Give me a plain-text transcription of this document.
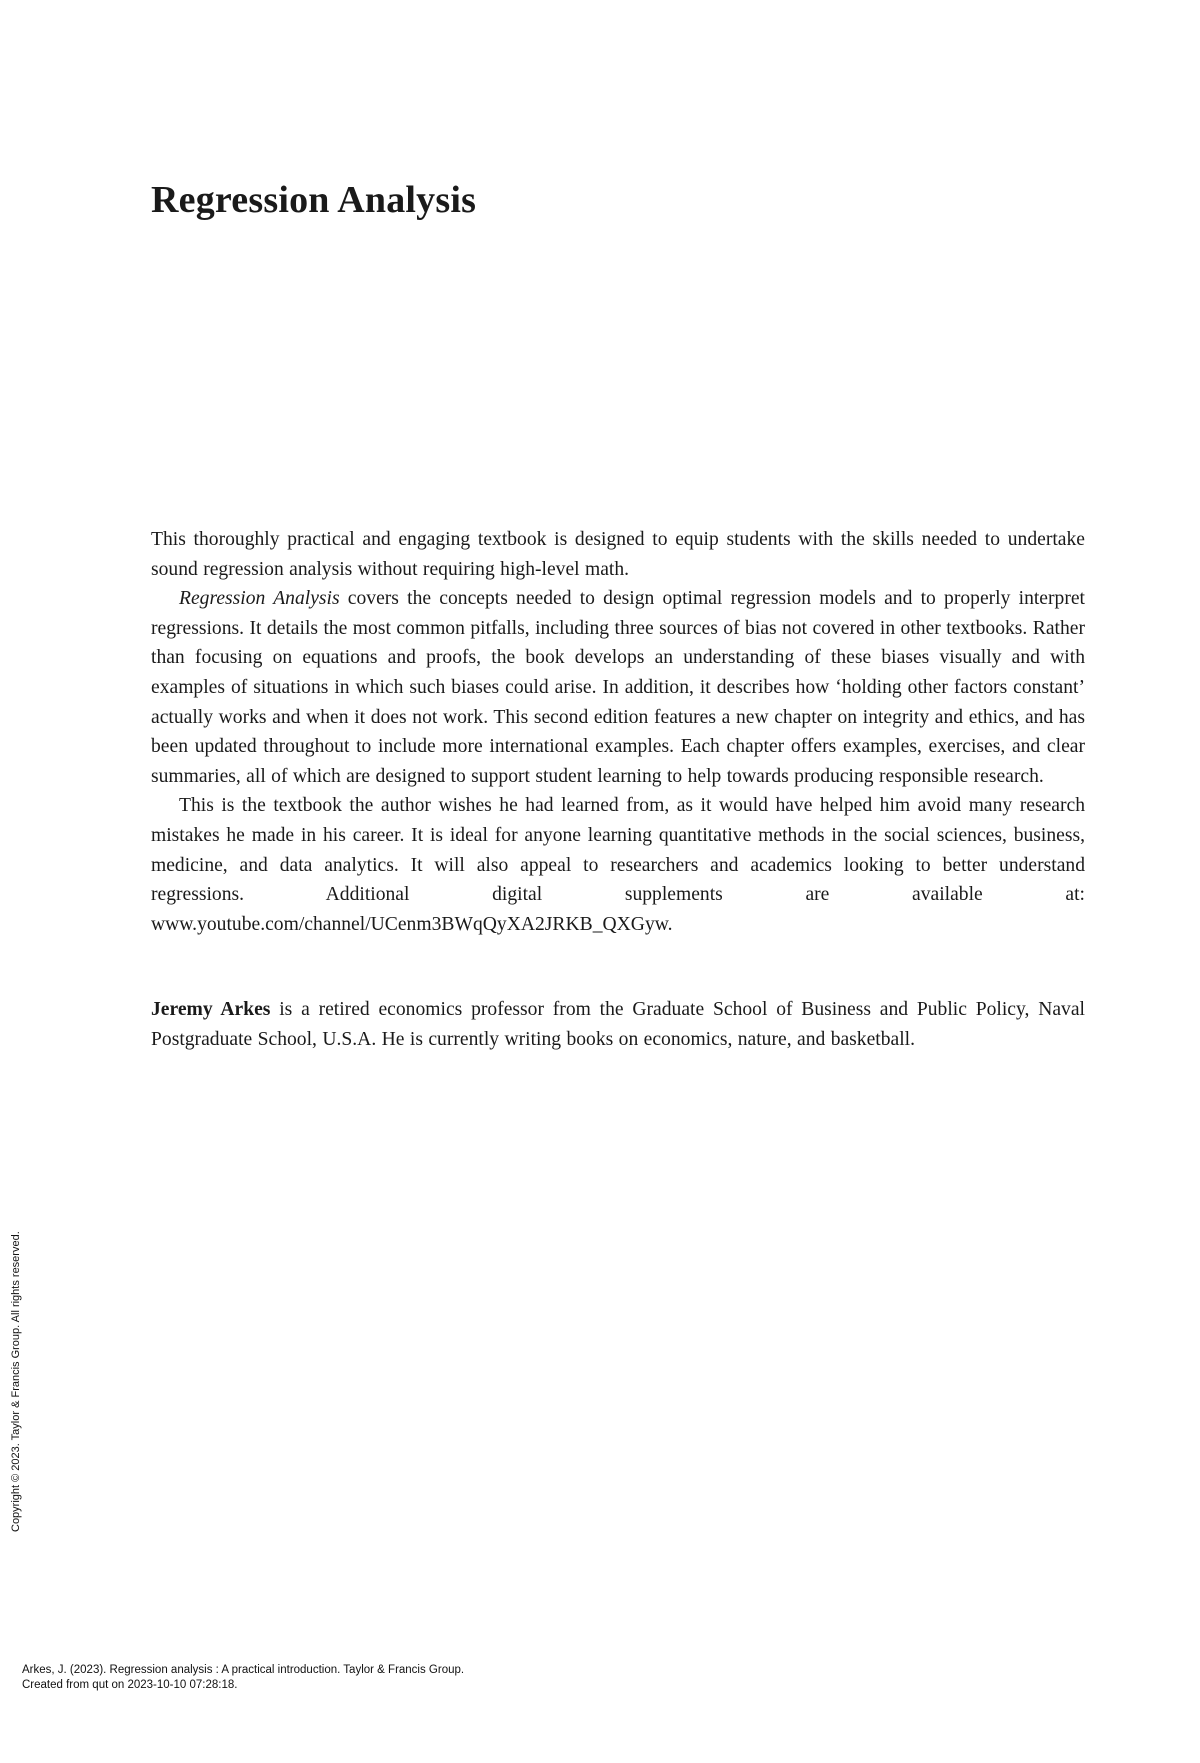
Regression Analysis

This thoroughly practical and engaging textbook is designed to equip students with the skills needed to undertake sound regression analysis without requiring high-level math.

Regression Analysis covers the concepts needed to design optimal regression models and to properly interpret regressions. It details the most common pitfalls, including three sources of bias not covered in other textbooks. Rather than focusing on equations and proofs, the book develops an understanding of these biases visually and with examples of situations in which such biases could arise. In addition, it describes how ‘holding other factors constant’ actually works and when it does not work. This second edition features a new chapter on integrity and ethics, and has been updated throughout to include more international examples. Each chapter offers examples, exercises, and clear summaries, all of which are designed to support student learning to help towards producing responsible research.

This is the textbook the author wishes he had learned from, as it would have helped him avoid many research mistakes he made in his career. It is ideal for anyone learning quantitative methods in the social sciences, business, medicine, and data analytics. It will also appeal to researchers and academics looking to better understand regressions. Additional digital supplements are available at: www.youtube.com/channel/UCenm3BWqQyXA2JRKB_QXGyw.

Jeremy Arkes is a retired economics professor from the Graduate School of Business and Public Policy, Naval Postgraduate School, U.S.A. He is currently writing books on economics, nature, and basketball.

Copyright © 2023. Taylor & Francis Group. All rights reserved.
Arkes, J. (2023). Regression analysis : A practical introduction. Taylor & Francis Group.
Created from qut on 2023-10-10 07:28:18.
